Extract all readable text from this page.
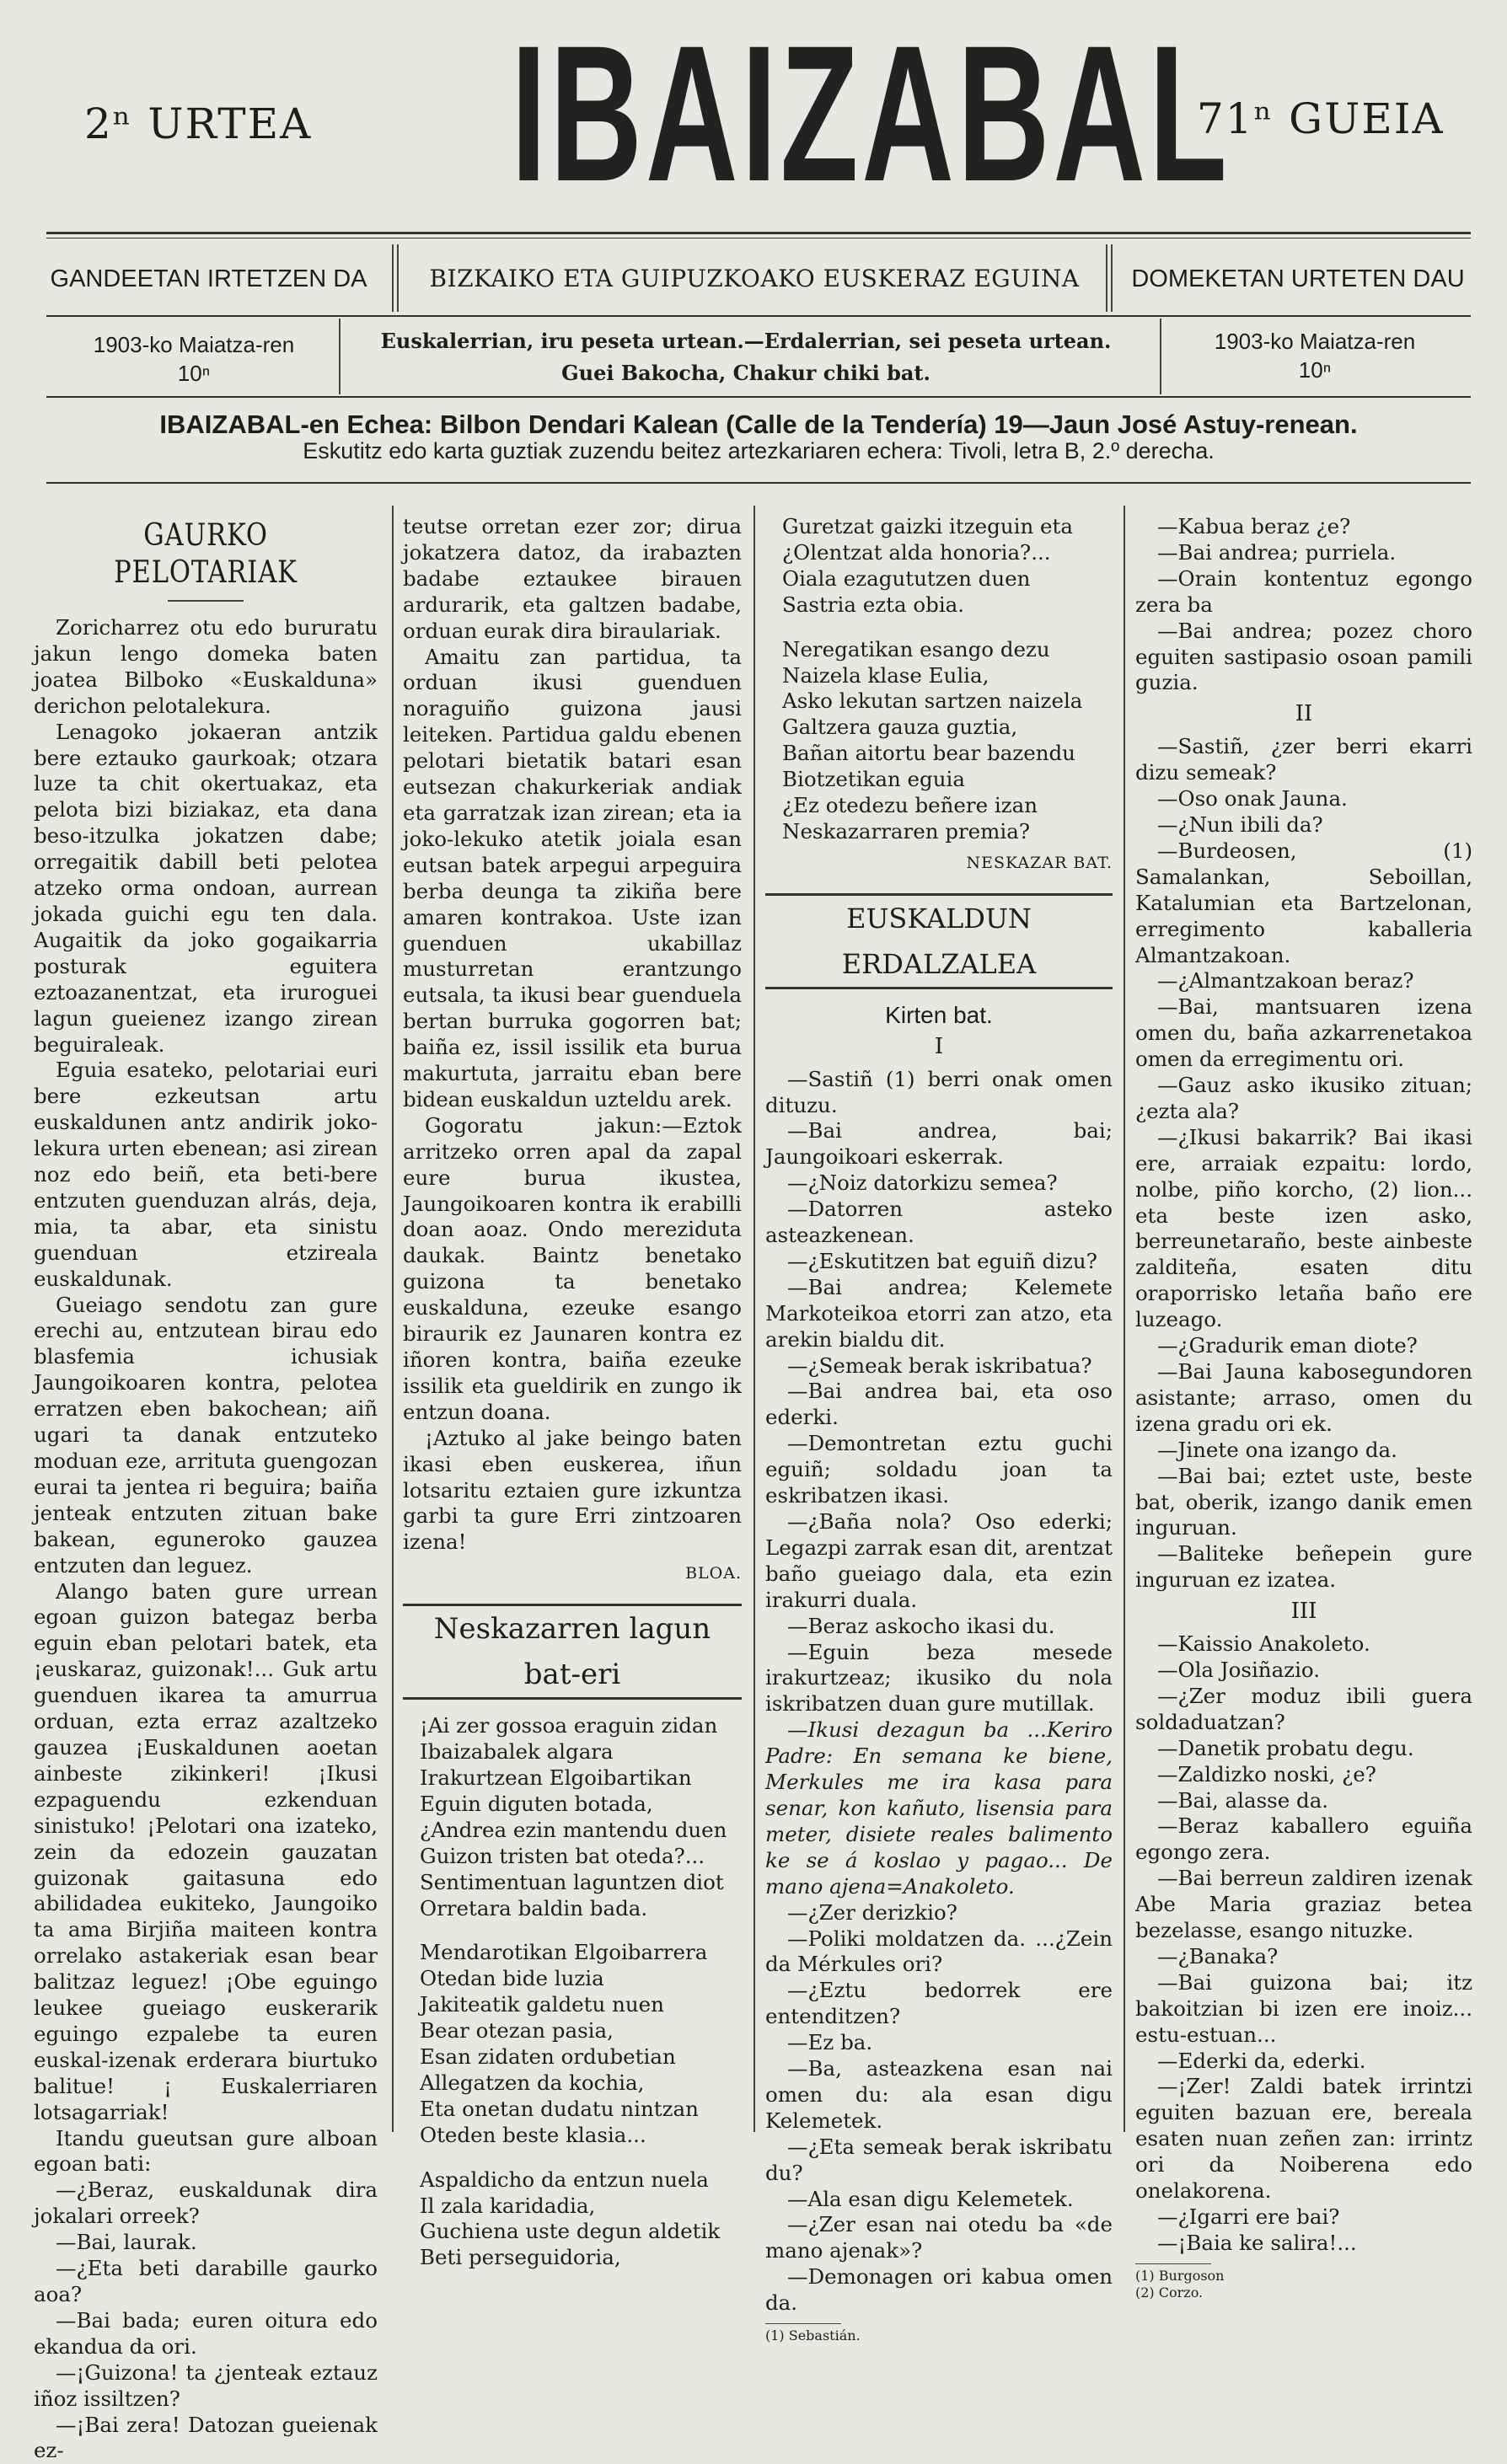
2ⁿ URTEA IBAIZABAL
71ⁿ GUEIA
GANDEETAN IRTETZEN DA	BIZKAIKO ETA GUIPUZKOAKO EUSKERAZ EGUINA	DOMEKETAN URTETEN DAU
1903-ko Maiatza-ren
10ⁿ
Euskalerrian, iru peseta urtean.—Erdalerrian, sei peseta urtean.
Guei Bakocha, Chakur chiki bat.
1903-ko Maiatza-ren
10ⁿ
IBAIZABAL-en Echea: Bilbon Dendari Kalean (Calle de la Tendería) 19—Jaun José Astuy-renean.
Eskutitz edo karta guztiak zuzendu beitez artezkariaren echera: Tivoli, letra B, 2.º derecha.
GAURKO PELOTARIAK

Zoricharrez otu edo bururatu jakun lengo domeka baten joatea Bilboko «Euskalduna» derichon pelotalekura.

Lenagoko jokaeran antzik bere eztauko gaurkoak; otzara luze ta chit okertuakaz, eta pelota bizi biziakaz, eta dana beso-itzulka jokatzen dabe; orregaitik dabill beti pelotea atzeko orma ondoan, aurrean jokada guichi egu ten dala. Augaitik da joko gogaikarria posturak eguitera eztoazanentzat, eta iruroguei lagun gueienez izango zirean beguiraleak.

Eguia esateko, pelotariai euri bere ezkeutsan artu euskaldunen antz andirik joko-lekura urten ebenean; asi zirean noz edo beiñ, eta beti-bere entzuten guenduzan alrás, deja, mia, ta abar, eta sinistu guenduan etzireala euskaldunak.

Gueiago sendotu zan gure erechi au, entzutean birau edo blasfemia ichusiak Jaungoikoaren kontra, pelotea erratzen eben bakochean; aiñ ugari ta danak entzuteko moduan eze, arrituta guengozan eurai ta jentea ri beguira; baiña jenteak entzuten zituan bake bakean, eguneroko gauzea entzuten dan leguez.

Alango baten gure urrean egoan guizon bategaz berba eguin eban pelotari batek, eta ¡euskaraz, guizonak!... Guk artu guenduen ikarea ta amurrua orduan, ezta erraz azaltzeko gauzea ¡Euskaldunen aoetan ainbeste zikinkeri! ¡Ikusi ezpaguendu ezkenduan sinistuko! ¡Pelotari ona izateko, zein da edozein gauzatan guizonak gaitasuna edo abilidadea eukiteko, Jaungoiko ta ama Birjiña maiteen kontra orrelako astakeriak esan bear balitzaz leguez! ¡Obe eguingo leukee gueiago euskerarik eguingo ezpalebe ta euren euskal-izenak erderara biurtuko balitue! ¡ Euskalerriaren lotsagarriak!

Itandu gueutsan gure alboan egoan bati:

—¿Beraz, euskaldunak dira jokalari orreek?

—Bai, laurak.

—¿Eta beti darabille gaurko aoa?

—Bai bada; euren oitura edo ekandua da ori.

—¡Guizona! ta ¿jenteak eztauz iñoz issiltzen?

—¡Bai zera! Datozan gueienak ez-

teutse orretan ezer zor; dirua jokatzera datoz, da irabazten badabe eztaukee birauen ardurarik, eta galtzen badabe, orduan eurak dira biraulariak.

Amaitu zan partidua, ta orduan ikusi guenduen noraguiño guizona jausi leiteken. Partidua galdu ebenen pelotari bietatik batari esan eutsezan chakurkeriak andiak eta garratzak izan zirean; eta ia joko-lekuko atetik joiala esan eutsan batek arpegui arpeguira berba deunga ta zikiña bere amaren kontrakoa. Uste izan guenduen ukabillaz musturretan erantzungo eutsala, ta ikusi bear guenduela bertan burruka gogorren bat; baiña ez, issil issilik eta burua makurtuta, jarraitu eban bere bidean euskaldun uzteldu arek.

Gogoratu jakun:—Eztok arritzeko orren apal da zapal eure burua ikustea, Jaungoikoaren kontra ik erabilli doan aoaz. Ondo merezidutа daukak. Baintz benetako guizona ta benetako euskalduna, ezeuke esango biraurik ez Jaunaren kontra ez iñoren kontra, baiña ezeuke issilik eta gueldirik en zungo ik entzun doana.

¡Aztuko al jake beingo baten ikasi eben euskerea, iñun lotsaritu eztaien gure izkuntza garbi ta gure Erri zintzoaren izena!

BLOA.

Neskazarren lagun bat-eri

¡Ai zer gossoa eraguin zidan

Ibaizabalek algara

Irakurtzean Elgoibartikan

Eguin diguten botada,

¿Andrea ezin mantendu duen

Guizon tristen bat oteda?...

Sentimentuan laguntzen diot

Orretara baldin bada.

Mendarotikan Elgoibarrera

Otedan bide luzia

Jakiteatik galdetu nuen

Bear otezan pasia,

Esan zidaten ordubetian

Allegatzen da kochia,

Eta onetan dudatu nintzan

Oteden beste klasia...

Aspaldicho da entzun nuela

Il zala karidadia,

Guchiena uste degun aldetik

Beti perseguidoria,

Guretzat gaizki itzeguin eta

¿Olentzat alda honoria?...

Oiala ezagututzen duen

Sastria ezta obia.

Neregatikan esango dezu

Naizela klase Eulia,

Asko lekutan sartzen naizela

Galtzera gauza guztia,

Bañan aitortu bear bazendu

Biotzetikan eguia

¿Ez otedezu beñere izan

Neskazarraren premia?

NESKAZAR BAT.

EUSKALDUN ERDALZALEA
Kirten bat.
I

—Sastiñ (1) berri onak omen dituzu.

—Bai andrea, bai; Jaungoikoari eskerrak.

—¿Noiz datorkizu semea?

—Datorren asteko asteazkenean.

—¿Eskutitzen bat eguiñ dizu?

—Bai andrea; Kelemete Markoteikoa etorri zan atzo, eta arekin bialdu dit.

—¿Semeak berak iskribatua?

—Bai andrea bai, eta oso ederki.

—Demontretan eztu guchi eguiñ; soldadu joan ta eskribatzen ikasi.

—¿Baña nola? Oso ederki; Legazpi zarrak esan dit, arentzat baño gueiago dala, eta ezin irakurri duala.

—Beraz askocho ikasi du.

—Eguin beza mesede irakurtzeaz; ikusiko du nola iskribatzen duan gure mutillak.

—Ikusi dezagun ba ...Keriro Padre: En semana ke biene, Merkules me ira kasa para senar, kon kañuto, lisensia para meter, disiete reales balimento ke se á koslao y pagao... De mano ajena=Anakoleto.

—¿Zer derizkio?

—Poliki moldatzen da. ...¿Zein da Mérkules ori?

—¿Eztu bedorrek ere entenditzen?

—Ez ba.

—Ba, asteazkena esan nai omen du: ala esan digu Kelemetek.

—¿Eta semeak berak iskribatu du?

—Ala esan digu Kelemetek.

—¿Zer esan nai otedu ba «de mano ajenak»?

—Demonagen ori kabua omen da.

(1) Sebastián.

—Kabua beraz ¿e?

—Bai andrea; purriela.

—Orain kontentuz egongo zera ba

—Bai andrea; pozez choro eguiten sastipasio osoan pamili guzia.

II

—Sastiñ, ¿zer berri ekarri dizu semeak?

—Oso onak Jauna.

—¿Nun ibili da?

—Burdeosen, (1) Samalankan, Seboillan, Katalumian eta Bartzelonan, erregimento kaballeria Almantzakoan.

—¿Almantzakoan beraz?

—Bai, mantsuaren izena omen du, baña azkarrenetakoa omen da erregimentu ori.

—Gauz asko ikusiko zituan; ¿ezta ala?

—¿Ikusi bakarrik? Bai ikasi ere, arraiak ezpaitu: lordo, nolbe, piño korcho, (2) lion... eta beste izen asko, berreunetaraño, beste ainbeste zalditeña, esaten ditu oraporrisko letaña baño ere luzeago.

—¿Gradurik eman diote?

—Bai Jauna kabosegundoren asistante; arraso, omen du izena gradu ori ek.

—Jinete ona izango da.

—Bai bai; eztet uste, beste bat, oberik, izango danik emen inguruan.

—Baliteke beñepein gure inguruan ez izatea.

III

—Kaissio Anakoleto.

—Ola Josiñazio.

—¿Zer moduz ibili guera soldaduatzan?

—Danetik probatu degu.

—Zaldizko noski, ¿e?

—Bai, alasse da.

—Beraz kaballero eguiña egongo zera.

—Bai berreun zaldiren izenak Abe Maria graziaz betea bezelasse, esango nituzke.

—¿Banaka?

—Bai guizona bai; itz bakoitzian bi izen ere inoiz... estu-estuan...

—Ederki da, ederki.

—¡Zer! Zaldi batek irrintzi eguiten bazuan ere, bereala esaten nuan zeñen zan: irrintz ori da Noiberena edo onelakorena.

—¿Igarri ere bai?

—¡Baia ke salira!...

(1) Burgoson
(2) Corzo.
